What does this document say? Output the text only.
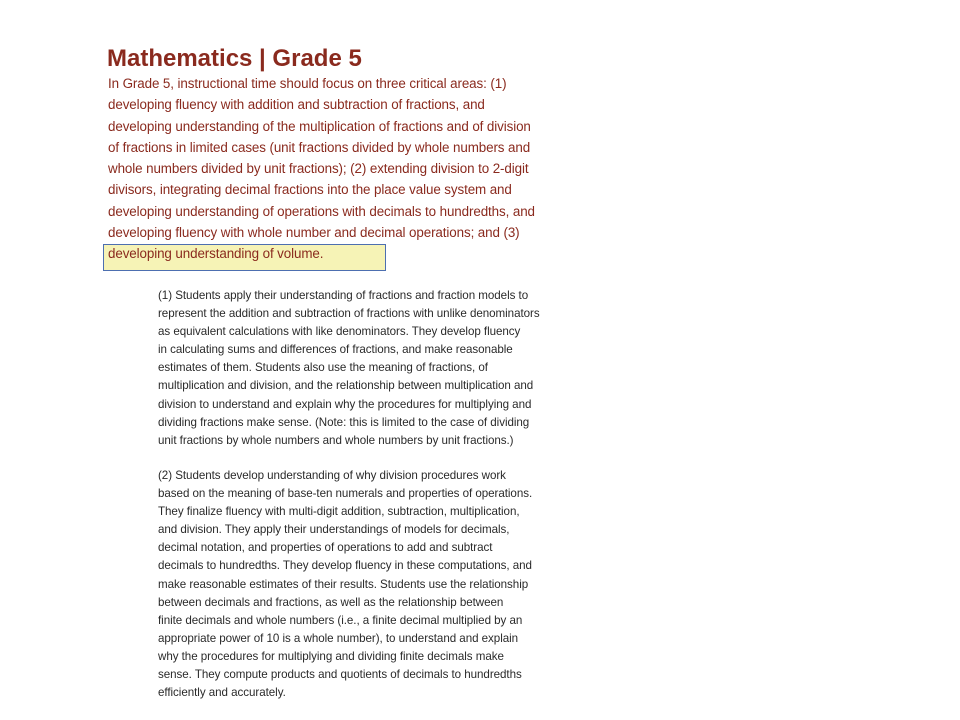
Mathematics | Grade 5
In Grade 5, instructional time should focus on three critical areas: (1)
developing fluency with addition and subtraction of fractions, and
developing understanding of the multiplication of fractions and of division
of fractions in limited cases (unit fractions divided by whole numbers and
whole numbers divided by unit fractions); (2) extending division to 2-digit
divisors, integrating decimal fractions into the place value system and
developing understanding of operations with decimals to hundredths, and
developing fluency with whole number and decimal operations; and (3)
developing understanding of volume.
(1) Students apply their understanding of fractions and fraction models to
represent the addition and subtraction of fractions with unlike denominators
as equivalent calculations with like denominators. They develop fluency
in calculating sums and differences of fractions, and make reasonable
estimates of them. Students also use the meaning of fractions, of
multiplication and division, and the relationship between multiplication and
division to understand and explain why the procedures for multiplying and
dividing fractions make sense. (Note: this is limited to the case of dividing
unit fractions by whole numbers and whole numbers by unit fractions.)
(2) Students develop understanding of why division procedures work
based on the meaning of base-ten numerals and properties of operations.
They finalize fluency with multi-digit addition, subtraction, multiplication,
and division. They apply their understandings of models for decimals,
decimal notation, and properties of operations to add and subtract
decimals to hundredths. They develop fluency in these computations, and
make reasonable estimates of their results. Students use the relationship
between decimals and fractions, as well as the relationship between
finite decimals and whole numbers (i.e., a finite decimal multiplied by an
appropriate power of 10 is a whole number), to understand and explain
why the procedures for multiplying and dividing finite decimals make
sense. They compute products and quotients of decimals to hundredths
efficiently and accurately.
